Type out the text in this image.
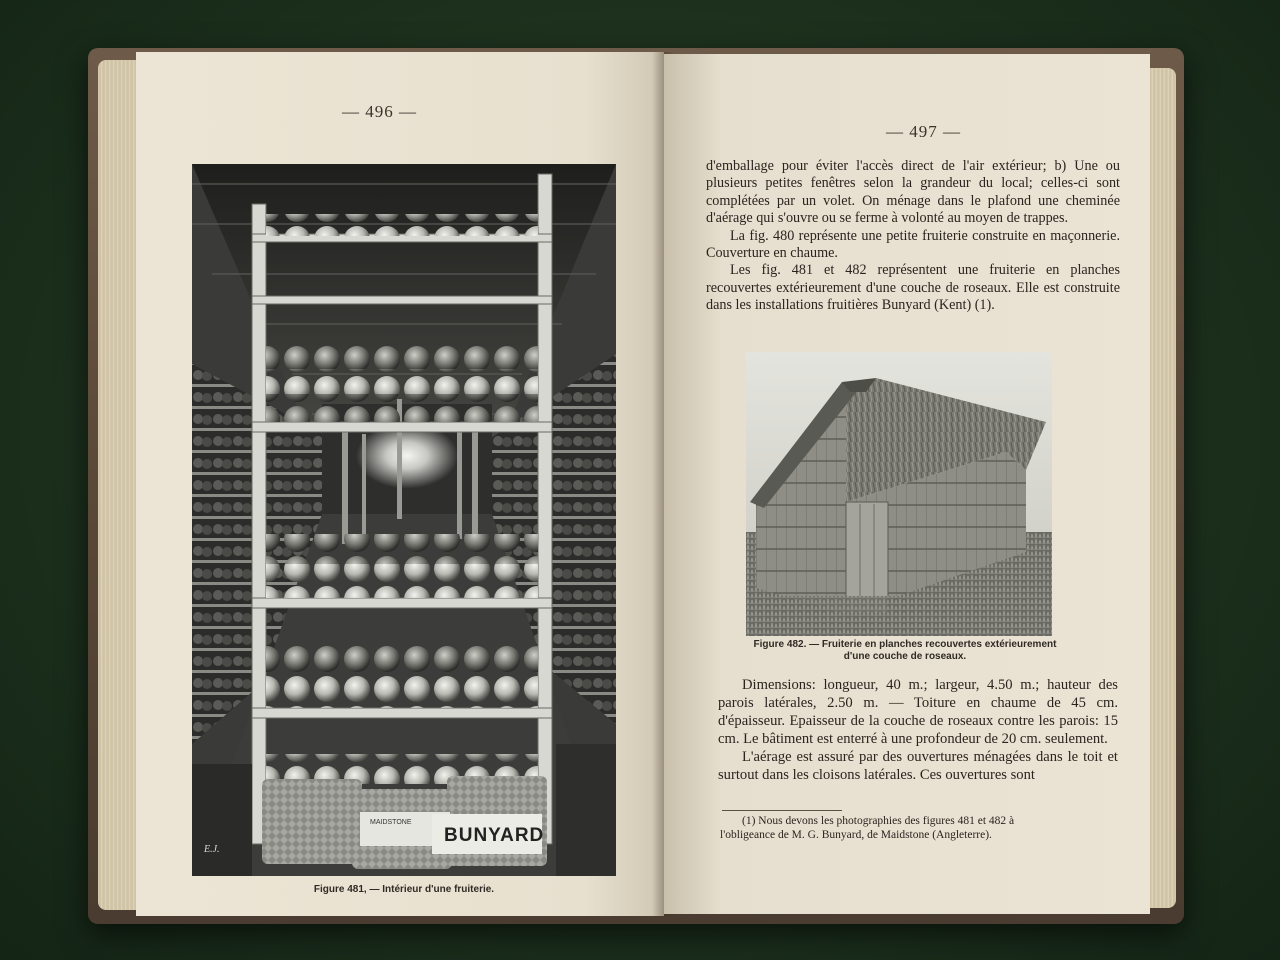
— 496 —
MAIDSTONE
BUNYARD
E.J.
Figure 481, — Intérieur d'une fruiterie.
— 497 —

d'emballage pour éviter l'accès direct de l'air extérieur; b) Une ou plusieurs petites fenêtres selon la grandeur du local; celles-ci sont complétées par un volet. On ménage dans le plafond une cheminée d'aérage qui s'ouvre ou se ferme à volonté au moyen de trappes.

La fig. 480 représente une petite fruiterie construite en maçonnerie. Couverture en chaume.

Les fig. 481 et 482 représentent une fruiterie en planches recouvertes extérieurement d'une couche de roseaux. Elle est construite dans les installations fruitières Bunyard (Kent) (1).

Figure 482. — Fruiterie en planches recouvertes extérieurement
d'une couche de roseaux.

Dimensions: longueur, 40 m.; largeur, 4.50 m.; hauteur des parois latérales, 2.50 m. — Toiture en chaume de 45 cm. d'épaisseur. Epaisseur de la couche de roseaux contre les parois: 15 cm. Le bâtiment est enterré à une profondeur de 20 cm. seulement.

L'aérage est assuré par des ouvertures ménagées dans le toit et surtout dans les cloisons latérales. Ces ouvertures sont

(1) Nous devons les photographies des figures 481 et 482 à

l'obligeance de M. G. Bunyard, de Maidstone (Angleterre).
